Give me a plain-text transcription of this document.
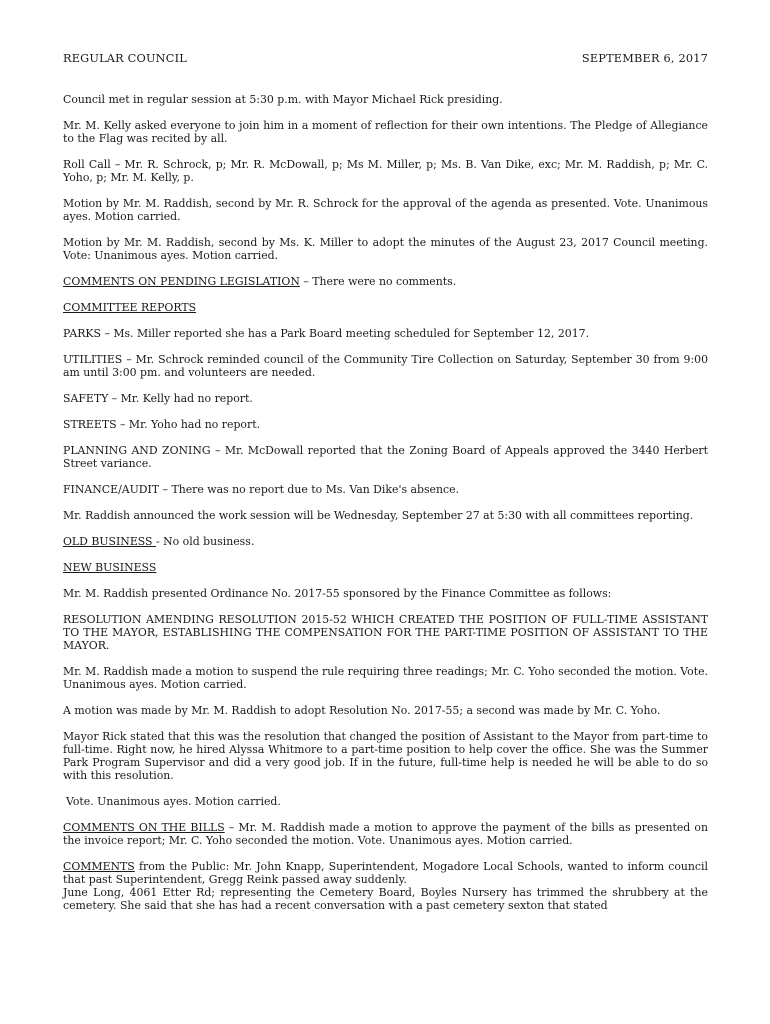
REGULAR COUNCIL	SEPTEMBER 6, 2017

Council met in regular session at 5:30 p.m. with Mayor Michael Rick presiding.

Mr. M. Kelly asked everyone to join him in a moment of reflection for their own intentions. The Pledge of Allegiance to the Flag was recited by all.

Roll Call – Mr. R. Schrock, p; Mr. R. McDowall, p; Ms M. Miller, p; Ms. B. Van Dike, exc; Mr. M. Raddish, p; Mr. C. Yoho, p; Mr. M. Kelly, p.

Motion by Mr. M. Raddish, second by Mr. R. Schrock for the approval of the agenda as presented. Vote. Unanimous ayes. Motion carried.

Motion by Mr. M. Raddish, second by Ms. K. Miller to adopt the minutes of the August 23, 2017 Council meeting. Vote: Unanimous ayes. Motion carried.

COMMENTS ON PENDING LEGISLATION – There were no comments.

COMMITTEE REPORTS

PARKS – Ms. Miller reported she has a Park Board meeting scheduled for September 12, 2017.

UTILITIES – Mr. Schrock reminded council of the Community Tire Collection on Saturday, September 30 from 9:00 am until 3:00 pm. and volunteers are needed.

SAFETY – Mr. Kelly had no report.

STREETS – Mr. Yoho had no report.

PLANNING AND ZONING – Mr. McDowall reported that the Zoning Board of Appeals approved the 3440 Herbert Street variance.

FINANCE/AUDIT – There was no report due to Ms. Van Dike's absence.

Mr. Raddish announced the work session will be Wednesday, September 27 at 5:30 with all committees reporting.

OLD BUSINESS - No old business.

NEW BUSINESS

Mr. M. Raddish presented Ordinance No. 2017-55 sponsored by the Finance Committee as follows:

RESOLUTION AMENDING RESOLUTION 2015-52 WHICH CREATED THE POSITION OF FULL-TIME ASSISTANT TO THE MAYOR, ESTABLISHING THE COMPENSATION FOR THE PART-TIME POSITION OF ASSISTANT TO THE MAYOR.

Mr. M. Raddish made a motion to suspend the rule requiring three readings; Mr. C. Yoho seconded the motion. Vote. Unanimous ayes. Motion carried.

A motion was made by Mr. M. Raddish to adopt Resolution No. 2017-55; a second was made by Mr. C. Yoho.

Mayor Rick stated that this was the resolution that changed the position of Assistant to the Mayor from part-time to full-time. Right now, he hired Alyssa Whitmore to a part-time position to help cover the office. She was the Summer Park Program Supervisor and did a very good job. If in the future, full-time help is needed he will be able to do so with this resolution.

Vote. Unanimous ayes. Motion carried.

COMMENTS ON THE BILLS – Mr. M. Raddish made a motion to approve the payment of the bills as presented on the invoice report; Mr. C. Yoho seconded the motion. Vote. Unanimous ayes. Motion carried.

COMMENTS from the Public: Mr. John Knapp, Superintendent, Mogadore Local Schools, wanted to inform council that past Superintendent, Gregg Reink passed away suddenly.

June Long, 4061 Etter Rd; representing the Cemetery Board, Boyles Nursery has trimmed the shrubbery at the cemetery. She said that she has had a recent conversation with a past cemetery sexton that stated
